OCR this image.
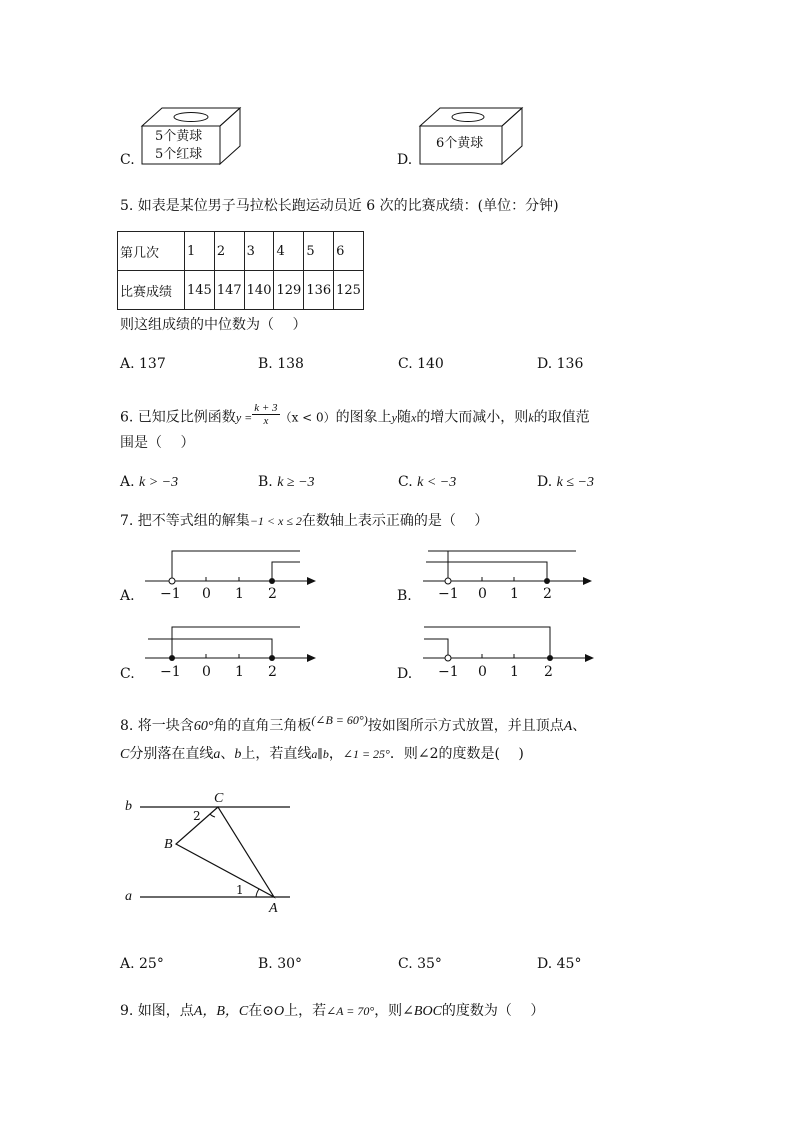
C.
5个黄球
5个红球	D.
6个黄球
5. 如表是某位男子马拉松长跑运动员近 6 次的比赛成绩：(单位：分钟)
第几次	1	2	3	4	5	6
比赛成绩	145	147	140	129	136	125
则这组成绩的中位数为（　 ）
A. 137	B. 138	C. 140	D. 136
6. 已知反比例函数$y = \frac{k + 3}{x} (x < 0)$的图象上y随x的增大而减小，则k的取值范
围是（　 ）
A. k > −3	B. k ≥ −3	C. k < −3	D. k ≤ −3
7. 把不等式组的解集−1 < x ≤ 2在数轴上表示正确的是（　 ）
A. −1 0 1 2	B. −1 0 1 2
C. −1 0 1 2	D. −1 0 1 2
8. 将一块含60°角的直角三角板(∠B = 60°)按如图所示方式放置，并且顶点A、
C分别落在直线a、b上，若直线a∥b，∠1 = 25°．则∠2的度数是(　 )
b
a
C
B
A
2
1
A. 25°	B. 30°	C. 35°	D. 45°
9. 如图，点A，B，C在⊙O上，若∠A = 70°，则∠BOC的度数为（　 ）
